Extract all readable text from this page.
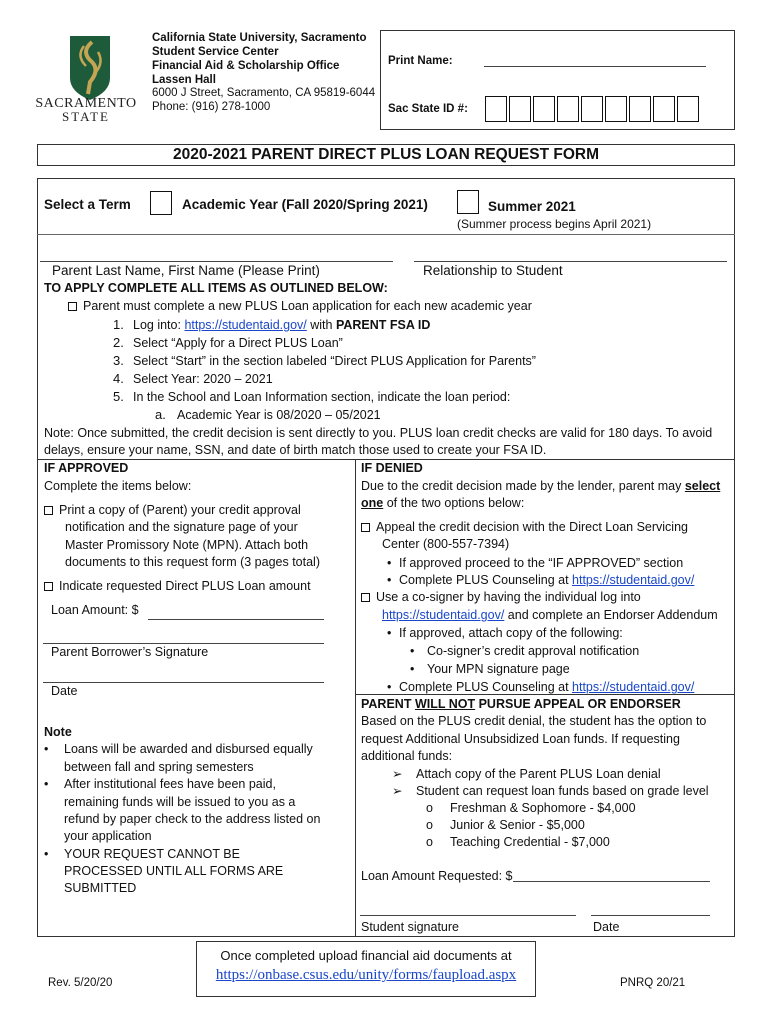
SACRAMENTO
STATE
California State University, Sacramento
Student Service Center
Financial Aid & Scholarship Office
Lassen Hall
6000 J Street, Sacramento, CA 95819-6044
Phone: (916) 278-1000
Print Name:
Sac State ID #:
2020-2021 PARENT DIRECT PLUS LOAN REQUEST FORM
Select a Term	Academic Year (Fall 2020/Spring 2021)	Summer 2021
(Summer process begins April 2021)
Parent Last Name, First Name (Please Print)	Relationship to Student
TO APPLY COMPLETE ALL ITEMS AS OUTLINED BELOW:
Parent must complete a new PLUS Loan application for each new academic year
1. Log into: https://studentaid.gov/ with PARENT FSA ID
2. Select “Apply for a Direct PLUS Loan”
3. Select “Start” in the section labeled “Direct PLUS Application for Parents”
4. Select Year: 2020 – 2021
5. In the School and Loan Information section, indicate the loan period:
a. Academic Year is 08/2020 – 05/2021
Note: Once submitted, the credit decision is sent directly to you. PLUS loan credit checks are valid for 180 days. To avoid
delays, ensure your name, SSN, and date of birth match those used to create your FSA ID.
IF APPROVED
Complete the items below:
Print a copy of (Parent) your credit approval
notification and the signature page of your
Master Promissory Note (MPN). Attach both
documents to this request form (3 pages total)
Indicate requested Direct PLUS Loan amount
Loan Amount: $
Parent Borrower’s Signature
Date
Note
• Loans will be awarded and disbursed equally
between fall and spring semesters
• After institutional fees have been paid,
remaining funds will be issued to you as a
refund by paper check to the address listed on
your application
• YOUR REQUEST CANNOT BE
PROCESSED UNTIL ALL FORMS ARE
SUBMITTED
IF DENIED
Due to the credit decision made by the lender, parent may select
one of the two options below:
Appeal the credit decision with the Direct Loan Servicing
Center (800-557-7394)
• If approved proceed to the “IF APPROVED” section
• Complete PLUS Counseling at https://studentaid.gov/
Use a co-signer by having the individual log into
https://studentaid.gov/ and complete an Endorser Addendum
• If approved, attach copy of the following:
• Co-signer’s credit approval notification
• Your MPN signature page
• Complete PLUS Counseling at https://studentaid.gov/
PARENT WILL NOT PURSUE APPEAL OR ENDORSER
Based on the PLUS credit denial, the student has the option to
request Additional Unsubsidized Loan funds. If requesting
additional funds:
➢ Attach copy of the Parent PLUS Loan denial
➢ Student can request loan funds based on grade level
o Freshman & Sophomore - $4,000
o Junior & Senior - $5,000
o Teaching Credential - $7,000
Loan Amount Requested: $
Student signature	Date
Rev. 5/20/20
Once completed upload financial aid documents at
https://onbase.csus.edu/unity/forms/faupload.aspx	PNRQ 20/21
